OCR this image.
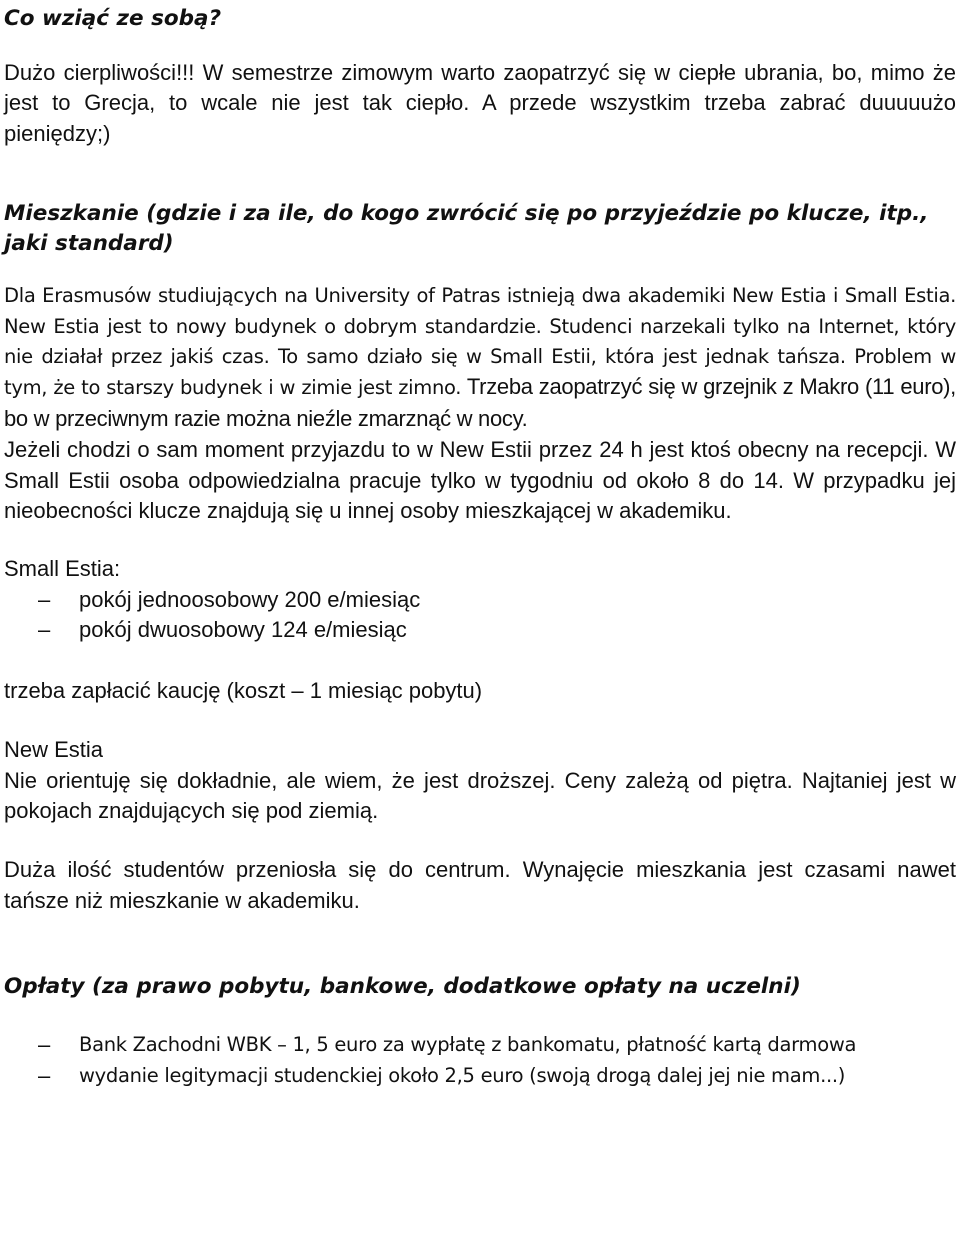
Co wziąć ze sobą?

Dużo cierpliwości!!! W semestrze zimowym warto zaopatrzyć się w ciepłe ubrania, bo, mimo że jest to Grecja, to wcale nie jest tak ciepło. A przede wszystkim trzeba zabrać duuuuużo pieniędzy;)

Mieszkanie (gdzie i za ile, do kogo zwrócić się po przyjeździe po klucze, itp., jaki standard)

Dla Erasmusów studiujących na University of Patras istnieją dwa akademiki New Estia i Small Estia. New Estia jest to nowy budynek o dobrym standardzie. Studenci narzekali tylko na Internet, który nie działał przez jakiś czas. To samo działo się w Small Estii, która jest jednak tańsza. Problem w tym, że to starszy budynek i w zimie jest zimno. Trzeba zaopatrzyć się w grzejnik z Makro (11 euro), bo w przeciwnym razie można nieźle zmarznąć w nocy.

Jeżeli chodzi o sam moment przyjazdu to w New Estii przez 24 h jest ktoś obecny na recepcji. W Small Estii osoba odpowiedzialna pracuje tylko w tygodniu od około 8 do 14. W przypadku jej nieobecności klucze znajdują się u innej osoby mieszkającej w akademiku.

Small Estia:

– pokój jednoosobowy 200 e/miesiąc
– pokój dwuosobowy 124 e/miesiąc

trzeba zapłacić kaucję (koszt – 1 miesiąc pobytu)

New Estia

Nie orientuję się dokładnie, ale wiem, że jest droższej. Ceny zależą od piętra. Najtaniej jest w pokojach znajdujących się pod ziemią.

Duża ilość studentów przeniosła się do centrum. Wynajęcie mieszkania jest czasami nawet tańsze niż mieszkanie w akademiku.

Opłaty (za prawo pobytu, bankowe, dodatkowe opłaty na uczelni)
– Bank Zachodni WBK – 1, 5 euro za wypłatę z bankomatu, płatność kartą darmowa
– wydanie legitymacji studenckiej około 2,5 euro (swoją drogą dalej jej nie mam...)
